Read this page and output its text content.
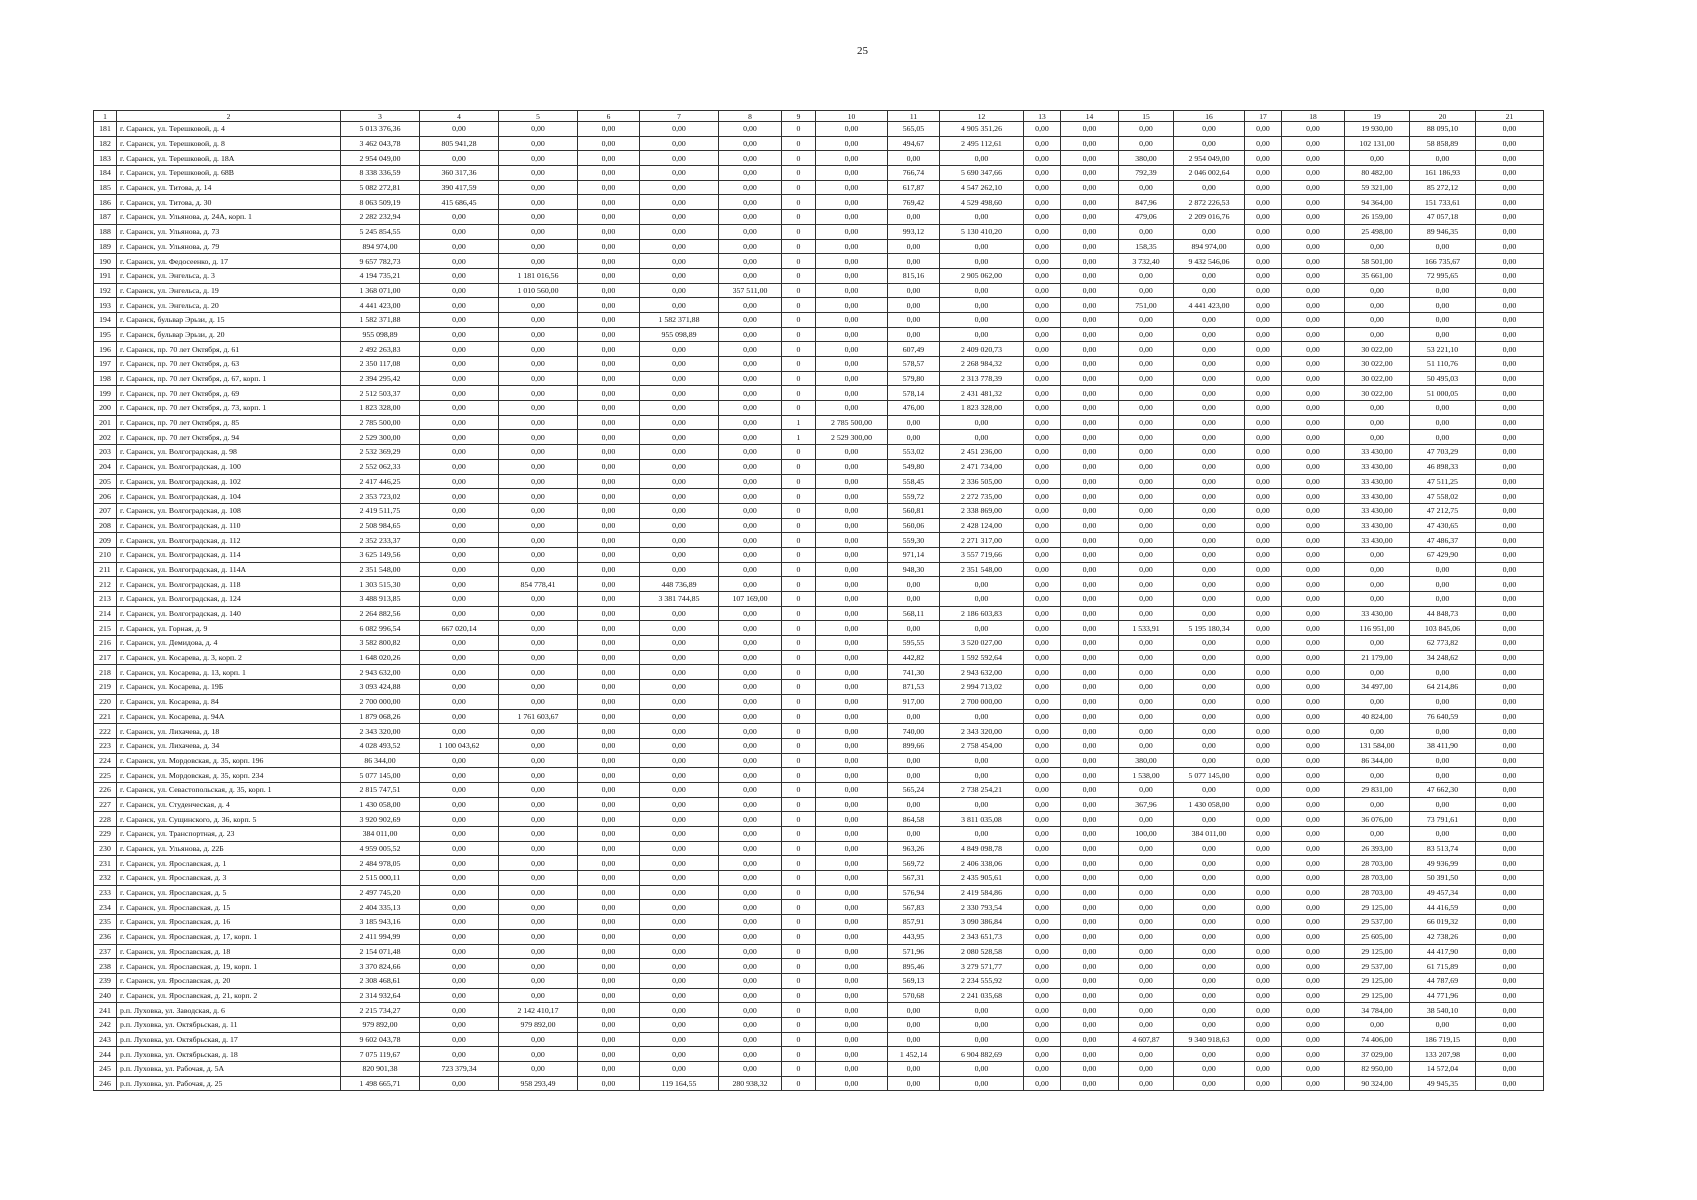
25
1	2	3	4	5	6	7	8	9	10	11	12	13	14	15	16	17	18	19	20	21
181	г. Саранск, ул. Терешковой, д. 4	5 013 376,36	0,00	0,00	0,00	0,00	0,00	0	0,00	565,05	4 905 351,26	0,00	0,00	0,00	0,00	0,00	0,00	19 930,00	88 095,10	0,00
182	г. Саранск, ул. Терешковой, д. 8	3 462 043,78	805 941,28	0,00	0,00	0,00	0,00	0	0,00	494,67	2 495 112,61	0,00	0,00	0,00	0,00	0,00	0,00	102 131,00	58 858,89	0,00
183	г. Саранск, ул. Терешковой, д. 18А	2 954 049,00	0,00	0,00	0,00	0,00	0,00	0	0,00	0,00	0,00	0,00	0,00	380,00	2 954 049,00	0,00	0,00	0,00	0,00	0,00
184	г. Саранск, ул. Терешковой, д. 68В	8 338 336,59	360 317,36	0,00	0,00	0,00	0,00	0	0,00	766,74	5 690 347,66	0,00	0,00	792,39	2 046 002,64	0,00	0,00	80 482,00	161 186,93	0,00
185	г. Саранск, ул. Титова, д. 14	5 082 272,81	390 417,59	0,00	0,00	0,00	0,00	0	0,00	617,87	4 547 262,10	0,00	0,00	0,00	0,00	0,00	0,00	59 321,00	85 272,12	0,00
186	г. Саранск, ул. Титова, д. 30	8 063 509,19	415 686,45	0,00	0,00	0,00	0,00	0	0,00	769,42	4 529 498,60	0,00	0,00	847,96	2 872 226,53	0,00	0,00	94 364,00	151 733,61	0,00
187	г. Саранск, ул. Ульянова, д. 24А, корп. 1	2 282 232,94	0,00	0,00	0,00	0,00	0,00	0	0,00	0,00	0,00	0,00	0,00	479,06	2 209 016,76	0,00	0,00	26 159,00	47 057,18	0,00
188	г. Саранск, ул. Ульянова, д. 73	5 245 854,55	0,00	0,00	0,00	0,00	0,00	0	0,00	993,12	5 130 410,20	0,00	0,00	0,00	0,00	0,00	0,00	25 498,00	89 946,35	0,00
189	г. Саранск, ул. Ульянова, д. 79	894 974,00	0,00	0,00	0,00	0,00	0,00	0	0,00	0,00	0,00	0,00	0,00	158,35	894 974,00	0,00	0,00	0,00	0,00	0,00
190	г. Саранск, ул. Федосеенко, д. 17	9 657 782,73	0,00	0,00	0,00	0,00	0,00	0	0,00	0,00	0,00	0,00	0,00	3 732,40	9 432 546,06	0,00	0,00	58 501,00	166 735,67	0,00
191	г. Саранск, ул. Энгельса, д. 3	4 194 735,21	0,00	1 181 016,56	0,00	0,00	0,00	0	0,00	815,16	2 905 062,00	0,00	0,00	0,00	0,00	0,00	0,00	35 661,00	72 995,65	0,00
192	г. Саранск, ул. Энгельса, д. 19	1 368 071,00	0,00	1 010 560,00	0,00	0,00	357 511,00	0	0,00	0,00	0,00	0,00	0,00	0,00	0,00	0,00	0,00	0,00	0,00	0,00
193	г. Саранск, ул. Энгельса, д. 20	4 441 423,00	0,00	0,00	0,00	0,00	0,00	0	0,00	0,00	0,00	0,00	0,00	751,00	4 441 423,00	0,00	0,00	0,00	0,00	0,00
194	г. Саранск, бульвар Эрьзи, д. 15	1 582 371,88	0,00	0,00	0,00	1 582 371,88	0,00	0	0,00	0,00	0,00	0,00	0,00	0,00	0,00	0,00	0,00	0,00	0,00	0,00
195	г. Саранск, бульвар Эрьзи, д. 20	955 098,89	0,00	0,00	0,00	955 098,89	0,00	0	0,00	0,00	0,00	0,00	0,00	0,00	0,00	0,00	0,00	0,00	0,00	0,00
196	г. Саранск, пр. 70 лет Октября, д. 61	2 492 263,83	0,00	0,00	0,00	0,00	0,00	0	0,00	607,49	2 409 020,73	0,00	0,00	0,00	0,00	0,00	0,00	30 022,00	53 221,10	0,00
197	г. Саранск, пр. 70 лет Октября, д. 63	2 350 117,08	0,00	0,00	0,00	0,00	0,00	0	0,00	578,57	2 268 984,32	0,00	0,00	0,00	0,00	0,00	0,00	30 022,00	51 110,76	0,00
198	г. Саранск, пр. 70 лет Октября, д. 67, корп. 1	2 394 295,42	0,00	0,00	0,00	0,00	0,00	0	0,00	579,80	2 313 778,39	0,00	0,00	0,00	0,00	0,00	0,00	30 022,00	50 495,03	0,00
199	г. Саранск, пр. 70 лет Октября, д. 69	2 512 503,37	0,00	0,00	0,00	0,00	0,00	0	0,00	578,14	2 431 481,32	0,00	0,00	0,00	0,00	0,00	0,00	30 022,00	51 000,05	0,00
200	г. Саранск, пр. 70 лет Октября, д. 73, корп. 1	1 823 328,00	0,00	0,00	0,00	0,00	0,00	0	0,00	476,00	1 823 328,00	0,00	0,00	0,00	0,00	0,00	0,00	0,00	0,00	0,00
201	г. Саранск, пр. 70 лет Октября, д. 85	2 785 500,00	0,00	0,00	0,00	0,00	0,00	1	2 785 500,00	0,00	0,00	0,00	0,00	0,00	0,00	0,00	0,00	0,00	0,00	0,00
202	г. Саранск, пр. 70 лет Октября, д. 94	2 529 300,00	0,00	0,00	0,00	0,00	0,00	1	2 529 300,00	0,00	0,00	0,00	0,00	0,00	0,00	0,00	0,00	0,00	0,00	0,00
203	г. Саранск, ул. Волгоградская, д. 98	2 532 369,29	0,00	0,00	0,00	0,00	0,00	0	0,00	553,02	2 451 236,00	0,00	0,00	0,00	0,00	0,00	0,00	33 430,00	47 703,29	0,00
204	г. Саранск, ул. Волгоградская, д. 100	2 552 062,33	0,00	0,00	0,00	0,00	0,00	0	0,00	549,80	2 471 734,00	0,00	0,00	0,00	0,00	0,00	0,00	33 430,00	46 898,33	0,00
205	г. Саранск, ул. Волгоградская, д. 102	2 417 446,25	0,00	0,00	0,00	0,00	0,00	0	0,00	558,45	2 336 505,00	0,00	0,00	0,00	0,00	0,00	0,00	33 430,00	47 511,25	0,00
206	г. Саранск, ул. Волгоградская, д. 104	2 353 723,02	0,00	0,00	0,00	0,00	0,00	0	0,00	559,72	2 272 735,00	0,00	0,00	0,00	0,00	0,00	0,00	33 430,00	47 558,02	0,00
207	г. Саранск, ул. Волгоградская, д. 108	2 419 511,75	0,00	0,00	0,00	0,00	0,00	0	0,00	560,81	2 338 869,00	0,00	0,00	0,00	0,00	0,00	0,00	33 430,00	47 212,75	0,00
208	г. Саранск, ул. Волгоградская, д. 110	2 508 984,65	0,00	0,00	0,00	0,00	0,00	0	0,00	560,06	2 428 124,00	0,00	0,00	0,00	0,00	0,00	0,00	33 430,00	47 430,65	0,00
209	г. Саранск, ул. Волгоградская, д. 112	2 352 233,37	0,00	0,00	0,00	0,00	0,00	0	0,00	559,30	2 271 317,00	0,00	0,00	0,00	0,00	0,00	0,00	33 430,00	47 486,37	0,00
210	г. Саранск, ул. Волгоградская, д. 114	3 625 149,56	0,00	0,00	0,00	0,00	0,00	0	0,00	971,14	3 557 719,66	0,00	0,00	0,00	0,00	0,00	0,00	0,00	67 429,90	0,00
211	г. Саранск, ул. Волгоградская, д. 114А	2 351 548,00	0,00	0,00	0,00	0,00	0,00	0	0,00	948,30	2 351 548,00	0,00	0,00	0,00	0,00	0,00	0,00	0,00	0,00	0,00
212	г. Саранск, ул. Волгоградская, д. 118	1 303 515,30	0,00	854 778,41	0,00	448 736,89	0,00	0	0,00	0,00	0,00	0,00	0,00	0,00	0,00	0,00	0,00	0,00	0,00	0,00
213	г. Саранск, ул. Волгоградская, д. 124	3 488 913,85	0,00	0,00	0,00	3 381 744,85	107 169,00	0	0,00	0,00	0,00	0,00	0,00	0,00	0,00	0,00	0,00	0,00	0,00	0,00
214	г. Саранск, ул. Волгоградская, д. 140	2 264 882,56	0,00	0,00	0,00	0,00	0,00	0	0,00	568,11	2 186 603,83	0,00	0,00	0,00	0,00	0,00	0,00	33 430,00	44 848,73	0,00
215	г. Саранск, ул. Горная, д. 9	6 082 996,54	667 020,14	0,00	0,00	0,00	0,00	0	0,00	0,00	0,00	0,00	0,00	1 533,91	5 195 180,34	0,00	0,00	116 951,00	103 845,06	0,00
216	г. Саранск, ул. Демидова, д. 4	3 582 800,82	0,00	0,00	0,00	0,00	0,00	0	0,00	595,55	3 520 027,00	0,00	0,00	0,00	0,00	0,00	0,00	0,00	62 773,82	0,00
217	г. Саранск, ул. Косарева, д. 3, корп. 2	1 648 020,26	0,00	0,00	0,00	0,00	0,00	0	0,00	442,82	1 592 592,64	0,00	0,00	0,00	0,00	0,00	0,00	21 179,00	34 248,62	0,00
218	г. Саранск, ул. Косарева, д. 13, корп. 1	2 943 632,00	0,00	0,00	0,00	0,00	0,00	0	0,00	741,30	2 943 632,00	0,00	0,00	0,00	0,00	0,00	0,00	0,00	0,00	0,00
219	г. Саранск, ул. Косарева, д. 19Б	3 093 424,88	0,00	0,00	0,00	0,00	0,00	0	0,00	871,53	2 994 713,02	0,00	0,00	0,00	0,00	0,00	0,00	34 497,00	64 214,86	0,00
220	г. Саранск, ул. Косарева, д. 84	2 700 000,00	0,00	0,00	0,00	0,00	0,00	0	0,00	917,00	2 700 000,00	0,00	0,00	0,00	0,00	0,00	0,00	0,00	0,00	0,00
221	г. Саранск, ул. Косарева, д. 94А	1 879 068,26	0,00	1 761 603,67	0,00	0,00	0,00	0	0,00	0,00	0,00	0,00	0,00	0,00	0,00	0,00	0,00	40 824,00	76 640,59	0,00
222	г. Саранск, ул. Лихачева, д. 18	2 343 320,00	0,00	0,00	0,00	0,00	0,00	0	0,00	740,00	2 343 320,00	0,00	0,00	0,00	0,00	0,00	0,00	0,00	0,00	0,00
223	г. Саранск, ул. Лихачева, д. 34	4 028 493,52	1 100 043,62	0,00	0,00	0,00	0,00	0	0,00	899,66	2 758 454,00	0,00	0,00	0,00	0,00	0,00	0,00	131 584,00	38 411,90	0,00
224	г. Саранск, ул. Мордовская, д. 35, корп. 196	86 344,00	0,00	0,00	0,00	0,00	0,00	0	0,00	0,00	0,00	0,00	0,00	380,00	0,00	0,00	0,00	86 344,00	0,00	0,00
225	г. Саранск, ул. Мордовская, д. 35, корп. 234	5 077 145,00	0,00	0,00	0,00	0,00	0,00	0	0,00	0,00	0,00	0,00	0,00	1 538,00	5 077 145,00	0,00	0,00	0,00	0,00	0,00
226	г. Саранск, ул. Севастопольская, д. 35, корп. 1	2 815 747,51	0,00	0,00	0,00	0,00	0,00	0	0,00	565,24	2 738 254,21	0,00	0,00	0,00	0,00	0,00	0,00	29 831,00	47 662,30	0,00
227	г. Саранск, ул. Студенческая, д. 4	1 430 058,00	0,00	0,00	0,00	0,00	0,00	0	0,00	0,00	0,00	0,00	0,00	367,96	1 430 058,00	0,00	0,00	0,00	0,00	0,00
228	г. Саранск, ул. Сущинского, д. 36, корп. 5	3 920 902,69	0,00	0,00	0,00	0,00	0,00	0	0,00	864,58	3 811 035,08	0,00	0,00	0,00	0,00	0,00	0,00	36 076,00	73 791,61	0,00
229	г. Саранск, ул. Транспортная, д. 23	384 011,00	0,00	0,00	0,00	0,00	0,00	0	0,00	0,00	0,00	0,00	0,00	100,00	384 011,00	0,00	0,00	0,00	0,00	0,00
230	г. Саранск, ул. Ульянова, д. 22Б	4 959 005,52	0,00	0,00	0,00	0,00	0,00	0	0,00	963,26	4 849 098,78	0,00	0,00	0,00	0,00	0,00	0,00	26 393,00	83 513,74	0,00
231	г. Саранск, ул. Ярославская, д. 1	2 484 978,05	0,00	0,00	0,00	0,00	0,00	0	0,00	569,72	2 406 338,06	0,00	0,00	0,00	0,00	0,00	0,00	28 703,00	49 936,99	0,00
232	г. Саранск, ул. Ярославская, д. 3	2 515 000,11	0,00	0,00	0,00	0,00	0,00	0	0,00	567,31	2 435 905,61	0,00	0,00	0,00	0,00	0,00	0,00	28 703,00	50 391,50	0,00
233	г. Саранск, ул. Ярославская, д. 5	2 497 745,20	0,00	0,00	0,00	0,00	0,00	0	0,00	576,94	2 419 584,86	0,00	0,00	0,00	0,00	0,00	0,00	28 703,00	49 457,34	0,00
234	г. Саранск, ул. Ярославская, д. 15	2 404 335,13	0,00	0,00	0,00	0,00	0,00	0	0,00	567,83	2 330 793,54	0,00	0,00	0,00	0,00	0,00	0,00	29 125,00	44 416,59	0,00
235	г. Саранск, ул. Ярославская, д. 16	3 185 943,16	0,00	0,00	0,00	0,00	0,00	0	0,00	857,91	3 090 386,84	0,00	0,00	0,00	0,00	0,00	0,00	29 537,00	66 019,32	0,00
236	г. Саранск, ул. Ярославская, д. 17, корп. 1	2 411 994,99	0,00	0,00	0,00	0,00	0,00	0	0,00	443,95	2 343 651,73	0,00	0,00	0,00	0,00	0,00	0,00	25 605,00	42 738,26	0,00
237	г. Саранск, ул. Ярославская, д. 18	2 154 071,48	0,00	0,00	0,00	0,00	0,00	0	0,00	571,96	2 080 528,58	0,00	0,00	0,00	0,00	0,00	0,00	29 125,00	44 417,90	0,00
238	г. Саранск, ул. Ярославская, д. 19, корп. 1	3 370 824,66	0,00	0,00	0,00	0,00	0,00	0	0,00	895,46	3 279 571,77	0,00	0,00	0,00	0,00	0,00	0,00	29 537,00	61 715,89	0,00
239	г. Саранск, ул. Ярославская, д. 20	2 308 468,61	0,00	0,00	0,00	0,00	0,00	0	0,00	569,13	2 234 555,92	0,00	0,00	0,00	0,00	0,00	0,00	29 125,00	44 787,69	0,00
240	г. Саранск, ул. Ярославская, д. 21, корп. 2	2 314 932,64	0,00	0,00	0,00	0,00	0,00	0	0,00	570,68	2 241 035,68	0,00	0,00	0,00	0,00	0,00	0,00	29 125,00	44 771,96	0,00
241	р.п. Луховка, ул. Заводская, д. 6	2 215 734,27	0,00	2 142 410,17	0,00	0,00	0,00	0	0,00	0,00	0,00	0,00	0,00	0,00	0,00	0,00	0,00	34 784,00	38 540,10	0,00
242	р.п. Луховка, ул. Октябрьская, д. 11	979 892,00	0,00	979 892,00	0,00	0,00	0,00	0	0,00	0,00	0,00	0,00	0,00	0,00	0,00	0,00	0,00	0,00	0,00	0,00
243	р.п. Луховка, ул. Октябрьская, д. 17	9 602 043,78	0,00	0,00	0,00	0,00	0,00	0	0,00	0,00	0,00	0,00	0,00	4 607,87	9 340 918,63	0,00	0,00	74 406,00	186 719,15	0,00
244	р.п. Луховка, ул. Октябрьская, д. 18	7 075 119,67	0,00	0,00	0,00	0,00	0,00	0	0,00	1 452,14	6 904 882,69	0,00	0,00	0,00	0,00	0,00	0,00	37 029,00	133 207,98	0,00
245	р.п. Луховка, ул. Рабочая, д. 5А	820 901,38	723 379,34	0,00	0,00	0,00	0,00	0	0,00	0,00	0,00	0,00	0,00	0,00	0,00	0,00	0,00	82 950,00	14 572,04	0,00
246	р.п. Луховка, ул. Рабочая, д. 25	1 498 665,71	0,00	958 293,49	0,00	119 164,55	280 938,32	0	0,00	0,00	0,00	0,00	0,00	0,00	0,00	0,00	0,00	90 324,00	49 945,35	0,00
